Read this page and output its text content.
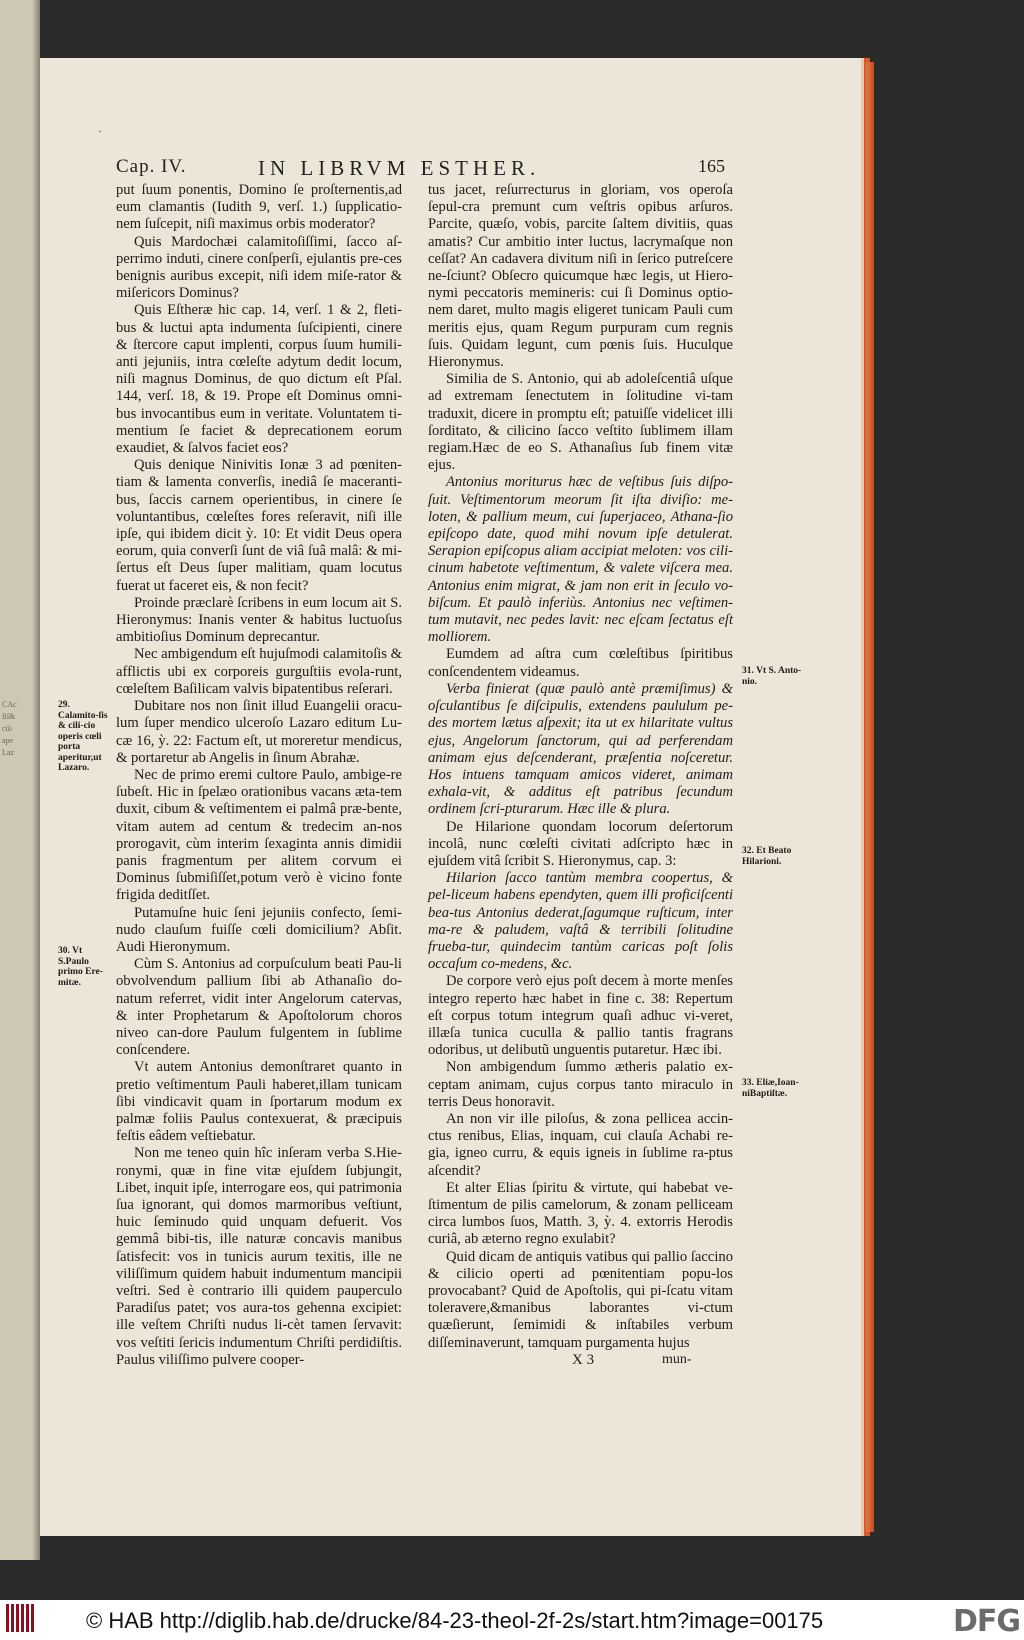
CAc
fiſ&
ciò
ape
Laz
`
Cap. IV.	IN LIBRVM ESTHER.	165

put ſuum ponentis, Domino ſe proſternentis,ad eum clamantis (Iudith 9, verſ. 1.) ſupplicatio-nem ſuſcepit, niſi maximus orbis moderator?

Quis Mardochæi calamitoſiſſimi, ſacco aſ-perrimo induti, cinere conſperſi, ejulantis pre-ces benignis auribus excepit, niſi idem miſe-rator & miſericors Dominus?

Quis Eſtheræ hic cap. 14, verſ. 1 & 2, fleti-bus & luctui apta indumenta ſuſcipienti, cinere & ſtercore caput implenti, corpus ſuum humili-anti jejuniis, intra cœleſte adytum dedit locum, niſi magnus Dominus, de quo dictum eſt Pſal. 144, verſ. 18, & 19. Prope eſt Dominus omni-bus invocantibus eum in veritate. Voluntatem ti-mentium ſe faciet & deprecationem eorum exaudiet, & ſalvos faciet eos?

Quis denique Ninivitis Ionæ 3 ad pœniten-tiam & lamenta converſis, inediâ ſe maceranti-bus, ſaccis carnem operientibus, in cinere ſe voluntantibus, cœleſtes fores reſeravit, niſi ille ipſe, qui ibidem dicit ỳ. 10: Et vidit Deus opera eorum, quia converſi ſunt de viâ ſuâ malâ: & mi-ſertus eſt Deus ſuper malitiam, quam locutus fuerat ut faceret eis, & non fecit?

Proinde præclarè ſcribens in eum locum ait S. Hieronymus: Inanis venter & habitus luctuoſus ambitioſius Dominum deprecantur.

Nec ambigendum eſt hujuſmodi calamitoſis & afflictis ubi ex corporeis gurguſtiis evola-runt, cœleſtem Baſilicam valvis bipatentibus reſerari.

Dubitare nos non ſinit illud Euangelii oracu-lum ſuper mendico ulceroſo Lazaro editum Lu-cæ 16, ỳ. 22: Factum eſt, ut moreretur mendicus, & portaretur ab Angelis in ſinum Abrahæ.

Nec de primo eremi cultore Paulo, ambige-re ſubeſt. Hic in ſpelæo orationibus vacans æta-tem duxit, cibum & veſtimentem ei palmâ præ-bente, vitam autem ad centum & tredecim an-nos prorogavit, cùm interim ſexaginta annis dimidii panis fragmentum per alitem corvum ei Dominus ſubmiſiſſet,potum verò è vicino fonte frigida deditſſet.

Putamuſne huic ſeni jejuniis confecto, ſemi-nudo clauſum fuiſſe cœli domicilium? Abſit. Audi Hieronymum.

Cùm S. Antonius ad corpuſculum beati Pau-li obvolvendum pallium ſibi ab Athanaſio do-natum referret, vidit inter Angelorum catervas, & inter Prophetarum & Apoſtolorum choros niveo can-dore Paulum fulgentem in ſublime conſcendere.

Vt autem Antonius demonſtraret quanto in pretio veſtimentum Pauli haberet,illam tunicam ſibi vindicavit quam in ſportarum modum ex palmæ foliis Paulus contexuerat, & præcipuis feſtis eâdem veſtiebatur.

Non me teneo quin hîc inſeram verba S.Hie-ronymi, quæ in fine vitæ ejuſdem ſubjungit, Libet, inquit ipſe, interrogare eos, qui patrimonia ſua ignorant, qui domos marmoribus veſtiunt, huic ſeminudo quid unquam defuerit. Vos gemmâ bibi-tis, ille naturæ concavis manibus ſatisfecit: vos in tunicis aurum texitis, ille ne viliſſimum quidem habuit indumentum mancipii veſtri. Sed è contrario illi quidem pauperculo Paradiſus patet; vos aura-tos gehenna excipiet: ille veſtem Chriſti nudus li-cèt tamen ſervavit: vos veſtiti ſericis indumentum Chriſti perdidiſtis. Paulus viliſſimo pulvere cooper-

tus jacet, reſurrecturus in gloriam, vos operoſa ſepul-cra premunt cum veſtris opibus arſuros. Parcite, quæſo, vobis, parcite ſaltem divitiis, quas amatis? Cur ambitio inter luctus, lacrymaſque non ceſſat? An cadavera divitum niſi in ſerico putreſcere ne-ſciunt? Obſecro quicumque hæc legis, ut Hiero-nymi peccatoris memineris: cui ſi Dominus optio-nem daret, multo magis eligeret tunicam Pauli cum meritis ejus, quam Regum purpuram cum regnis ſuis. Quidam legunt, cum pœnis ſuis. Huculque Hieronymus.

Similia de S. Antonio, qui ab adoleſcentiâ uſque ad extremam ſenectutem in ſolitudine vi-tam traduxit, dicere in promptu eſt; patuiſſe videlicet illi ſorditato, & cilicino ſacco veſtito ſublimem illam regiam.Hæc de eo S. Athanaſius ſub finem vitæ ejus.

Antonius moriturus hæc de veſtibus ſuis diſpo-ſuit. Veſtimentorum meorum ſit iſta diviſio: me-loten, & pallium meum, cui ſuperjaceo, Athana-ſio epiſcopo date, quod mihi novum ipſe detulerat. Serapion epiſcopus aliam accipiat meloten: vos cili-cinum habetote veſtimentum, & valete viſcera mea. Antonius enim migrat, & jam non erit in ſeculo vo-biſcum. Et paulò inferiùs. Antonius nec veſtimen-tum mutavit, nec pedes lavit: nec eſcam ſectatus eſt molliorem.

Eumdem ad aſtra cum cœleſtibus ſpiritibus conſcendentem videamus.

Verba finierat (quæ paulò antè præmiſimus) & oſculantibus ſe diſcipulis, extendens paululum pe-des mortem lætus aſpexit; ita ut ex hilaritate vultus ejus, Angelorum ſanctorum, qui ad perferendam animam ejus deſcenderant, præſentia noſceretur. Hos intuens tamquam amicos videret, animam exhala-vit, & additus eſt patribus ſecundum ordinem ſcri-pturarum. Hæc ille & plura.

De Hilarione quondam locorum deſertorum incolâ, nunc cœleſti civitati adſcripto hæc in ejuſdem vitâ ſcribit S. Hieronymus, cap. 3:

Hilarion ſacco tantùm membra coopertus, & pel-liceum habens ependyten, quem illi proficiſcenti bea-tus Antonius dederat,ſagumque ruſticum, inter ma-re & paludem, vaſtâ & terribili ſolitudine frueba-tur, quindecim tantùm caricas poſt ſolis occaſum co-medens, &c.

De corpore verò ejus poſt decem à morte menſes integro reperto hæc habet in fine c. 38: Repertum eſt corpus totum integrum quaſi adhuc vi-veret, illæſa tunica cuculla & pallio tantis fragrans odoribus, ut delibutũ unguentis putaretur. Hæc ibi.

Non ambigendum ſummo ætheris palatio ex-ceptam animam, cujus corpus tanto miraculo in terris Deus honoravit.

An non vir ille piloſus, & zona pellicea accin-ctus renibus, Elias, inquam, cui clauſa Achabi re-gia, igneo curru, & equis igneis in ſublime ra-ptus aſcendit?

Et alter Elias ſpiritu & virtute, qui habebat ve-ſtimentum de pilis camelorum, & zonam pelliceam circa lumbos ſuos, Matth. 3, ỳ. 4. extorris Herodis curiâ, ab æterno regno exulabit?

Quid dicam de antiquis vatibus qui pallio ſaccino & cilicio operti ad pœnitentiam popu-los provocabant? Quid de Apoſtolis, qui pi-ſcatu vitam toleravere,&manibus laborantes vi-ctum quæſierunt, ſemimidi & inſtabiles verbum diſſeminaverunt, tamquam purgamenta hujus

29. Calamito-ſis & cili-cio operis cœli porta aperitur,ut Lazaro.
30. Vt S.Paulo primo Ere-mitæ.
31. Vt S. Anto-nio.
32. Et Beato Hilarioni.
33. Eliæ,Ioan-niBaptiſtæ.
X 3	mun-
© HAB http://diglib.hab.de/drucke/84-23-theol-2f-2s/start.htm?image=00175	DFG
